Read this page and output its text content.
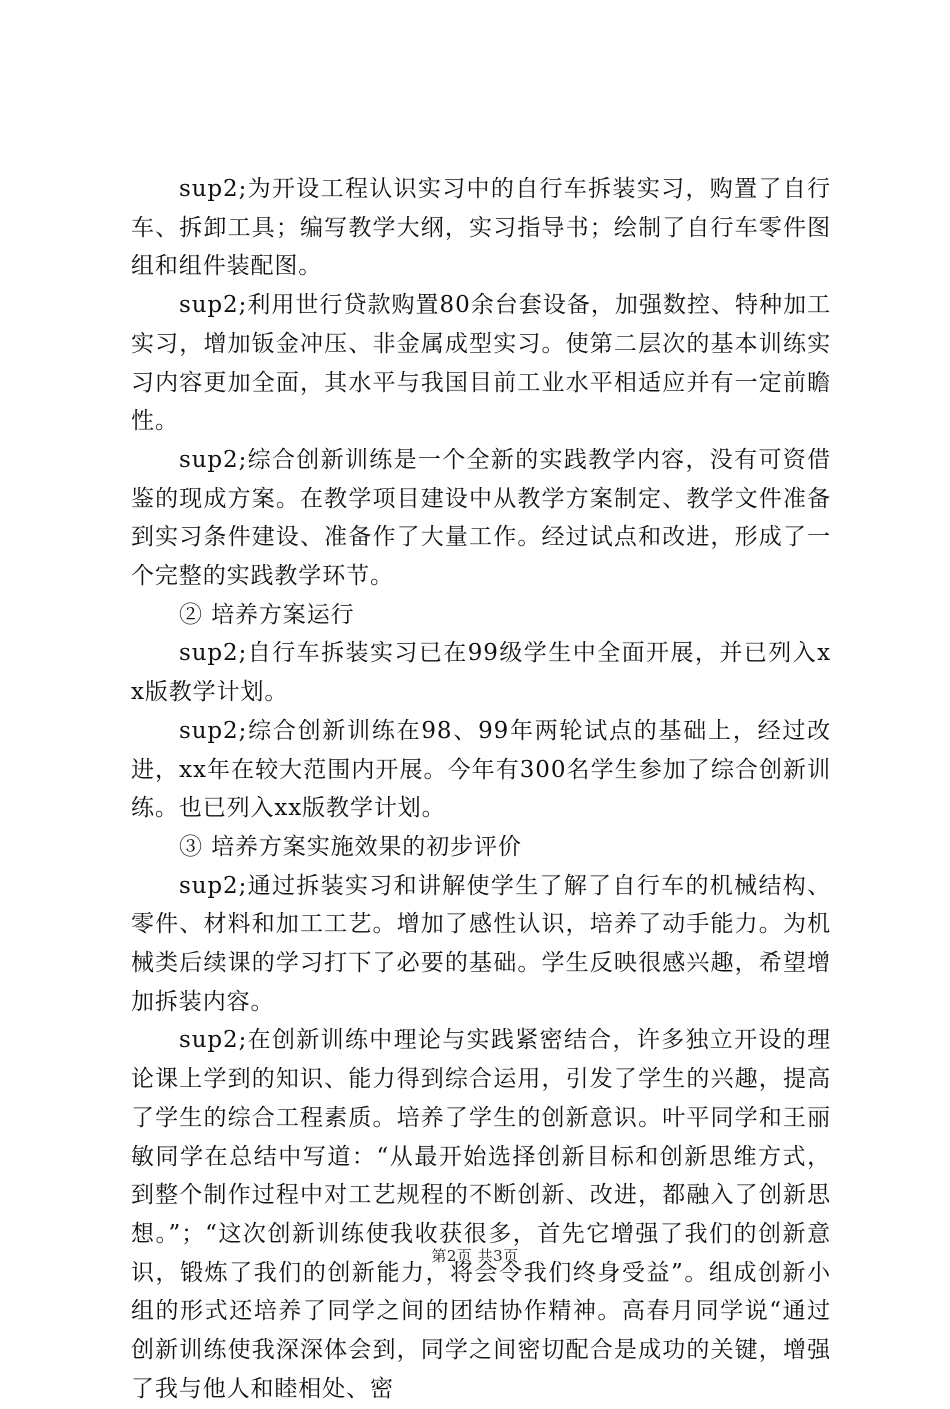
sup2;为开设工程认识实习中的自行车拆装实习，购置了自行车、拆卸工具；编写教学大纲，实习指导书；绘制了自行车零件图组和组件装配图。

sup2;利用世行贷款购置80余台套设备，加强数控、特种加工实习，增加钣金冲压、非金属成型实习。使第二层次的基本训练实习内容更加全面，其水平与我国目前工业水平相适应并有一定前瞻性。

sup2;综合创新训练是一个全新的实践教学内容，没有可资借鉴的现成方案。在教学项目建设中从教学方案制定、教学文件准备到实习条件建设、准备作了大量工作。经过试点和改进，形成了一个完整的实践教学环节。

② 培养方案运行

sup2;自行车拆装实习已在99级学生中全面开展，并已列入xx版教学计划。

sup2;综合创新训练在98、99年两轮试点的基础上，经过改进，xx年在较大范围内开展。今年有300名学生参加了综合创新训练。也已列入xx版教学计划。

③ 培养方案实施效果的初步评价

sup2;通过拆装实习和讲解使学生了解了自行车的机械结构、零件、材料和加工工艺。增加了感性认识，培养了动手能力。为机械类后续课的学习打下了必要的基础。学生反映很感兴趣，希望增加拆装内容。

sup2;在创新训练中理论与实践紧密结合，许多独立开设的理论课上学到的知识、能力得到综合运用，引发了学生的兴趣，提高了学生的综合工程素质。培养了学生的创新意识。叶平同学和王丽敏同学在总结中写道：“从最开始选择创新目标和创新思维方式，到整个制作过程中对工艺规程的不断创新、改进，都融入了创新思想。”；“这次创新训练使我收获很多，首先它增强了我们的创新意识，锻炼了我们的创新能力，将会令我们终身受益”。组成创新小组的形式还培养了同学之间的团结协作精神。高春月同学说“通过创新训练使我深深体会到，同学之间密切配合是成功的关键，增强了我与他人和睦相处、密

第2页 共3页
